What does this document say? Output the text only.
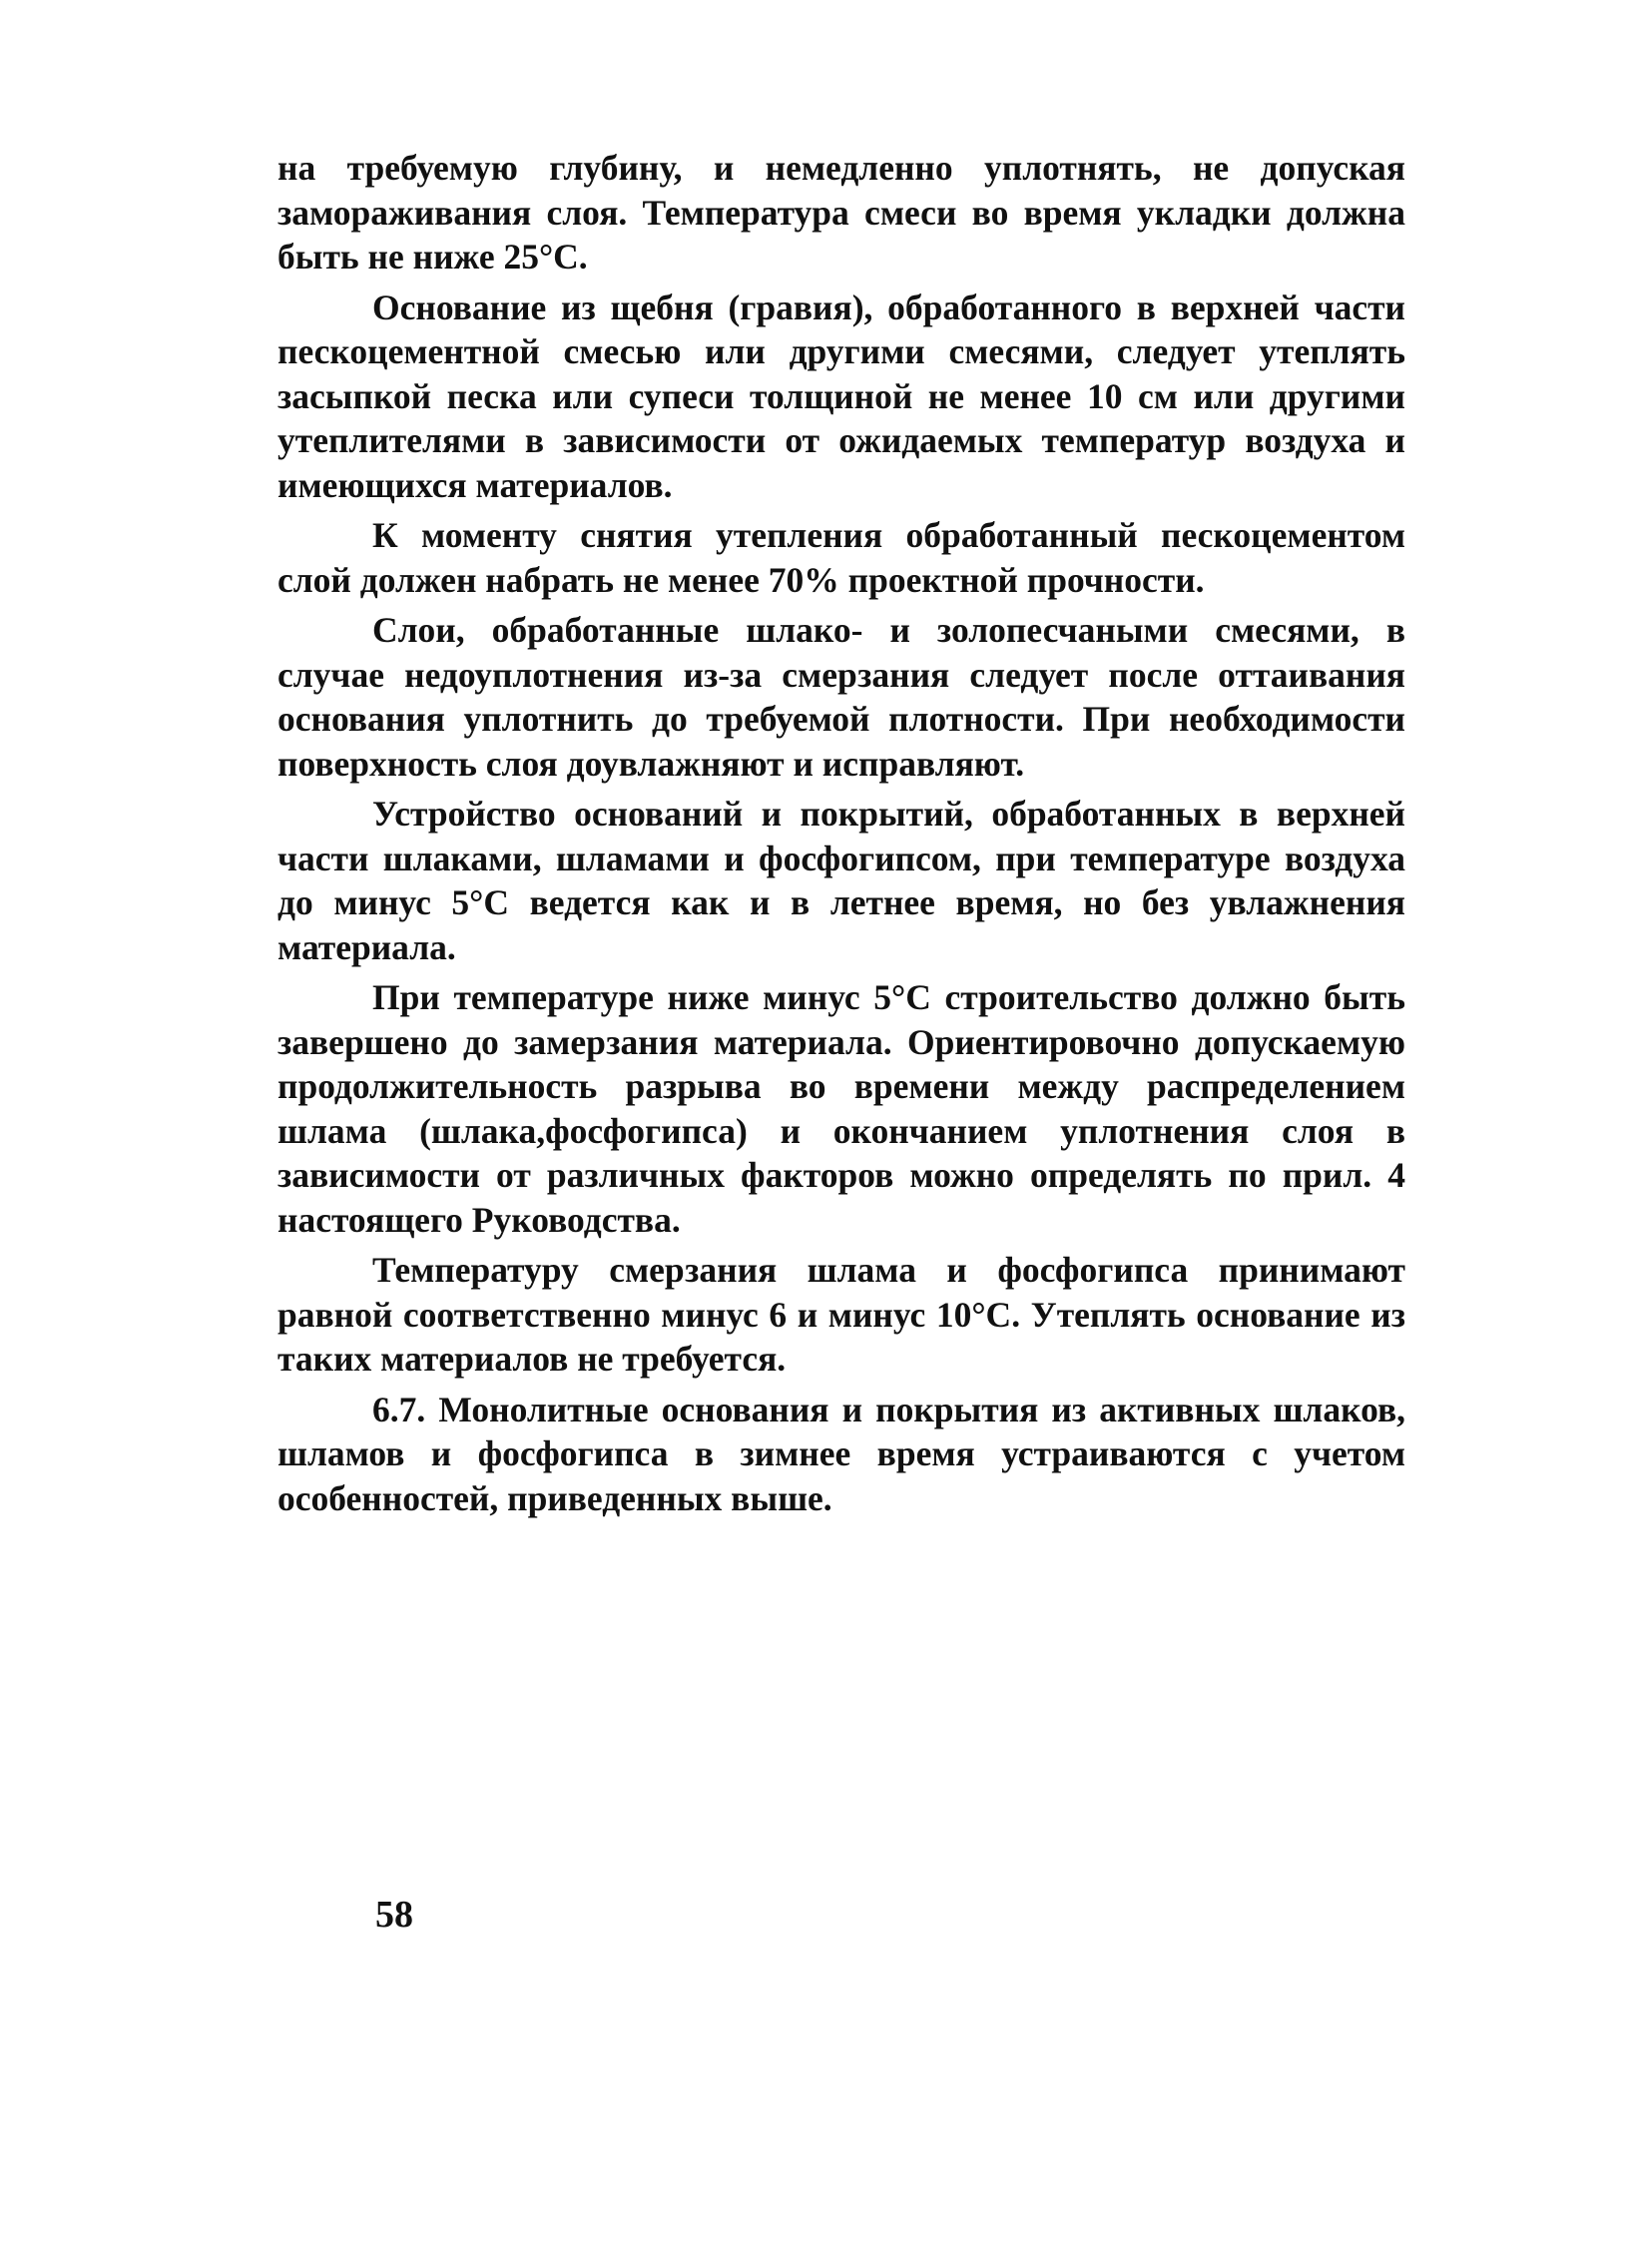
на требуемую глубину, и немедленно уплотнять, не допуская замораживания слоя. Температура смеси во время укладки должна быть не ниже 25°С.

Основание из щебня (гравия), обработанного в верхней части пескоцементной смесью или другими смесями, следует утеплять засыпкой песка или супеси толщиной не менее 10 см или другими утеплителями в зависимости от ожидаемых температур воздуха и имеющихся материалов.

К моменту снятия утепления обработанный пескоцементом слой должен набрать не менее 70% проектной прочности.

Слои, обработанные шлако- и золопесчаными смесями, в случае недоуплотнения из-за смерзания следует после оттаивания основания уплотнить до требуемой плотности. При необходимости поверхность слоя доувлажняют и исправляют.

Устройство оснований и покрытий, обработанных в верхней части шлаками, шламами и фосфогипсом, при температуре воздуха до минус 5°С ведется как и в летнее время, но без увлажнения материала.

При температуре ниже минус 5°С строительство должно быть завершено до замерзания материала. Ориентировочно допускаемую продолжительность разрыва во времени между распределением шлама (шлака,фосфогипса) и окончанием уплотнения слоя в зависимости от различных факторов можно определять по прил. 4 настоящего Руководства.

Температуру смерзания шлама и фосфогипса принимают равной соответственно минус 6 и минус 10°С. Утеплять основание из таких материалов не требуется.

6.7. Монолитные основания и покрытия из активных шлаков, шламов и фосфогипса в зимнее время устраиваются с учетом особенностей, приведенных выше.

58
